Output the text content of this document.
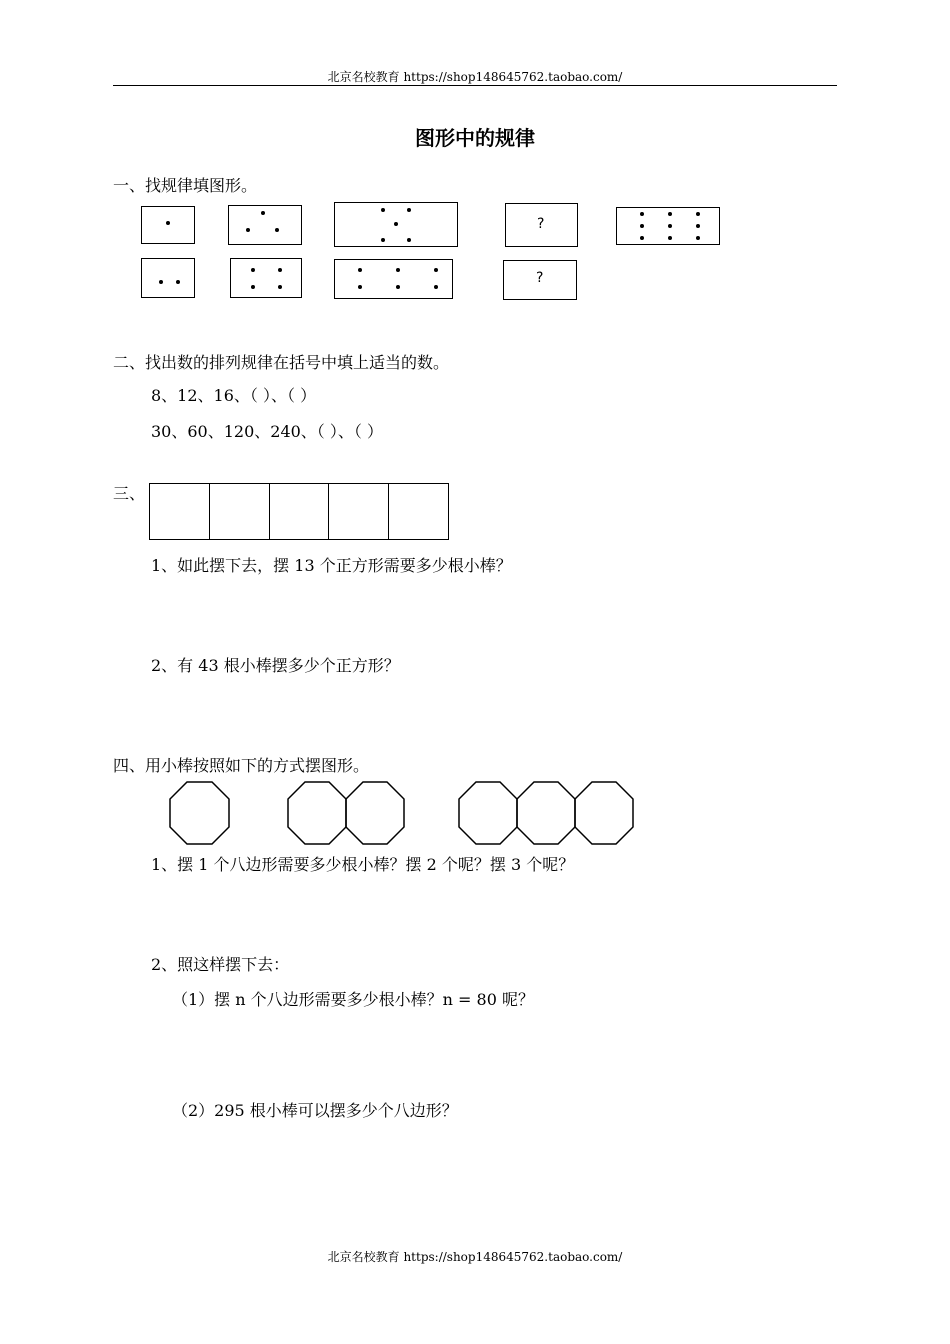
北京名校教育 https://shop148645762.taobao.com/
图形中的规律
一、找规律填图形。
?
?
二、找出数的排列规律在括号中填上适当的数。
8、12、16、（ ）、（ ）
30、60、120、240、（ ）、（ ）
三、
1、如此摆下去，摆 13 个正方形需要多少根小棒？
2、有 43 根小棒摆多少个正方形？
四、用小棒按照如下的方式摆图形。
1、摆 1 个八边形需要多少根小棒？摆 2 个呢？摆 3 个呢？
2、照这样摆下去：
（1）摆 n 个八边形需要多少根小棒？n = 80 呢？
（2）295 根小棒可以摆多少个八边形？
北京名校教育 https://shop148645762.taobao.com/
